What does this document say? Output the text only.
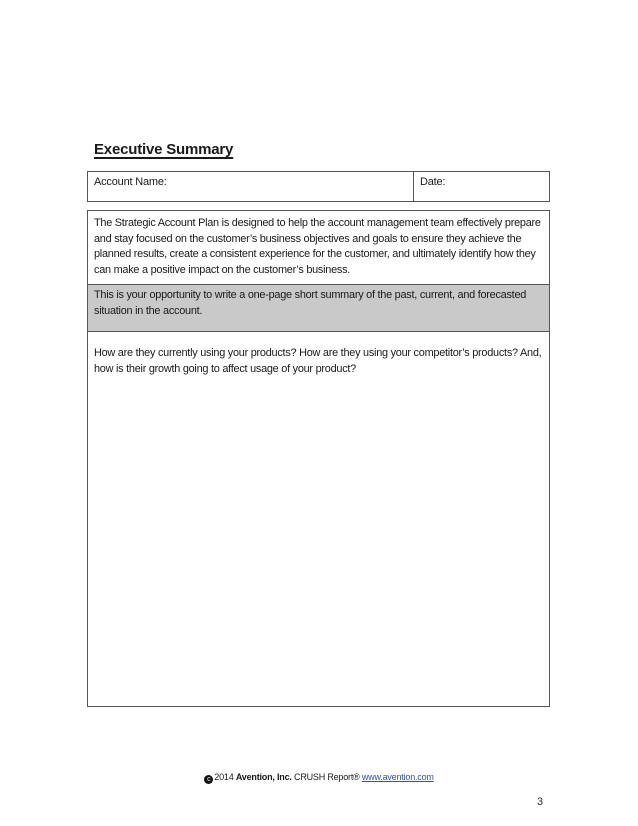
Executive Summary
Account Name:	Date:
The Strategic Account Plan is designed to help the account management team effectively prepare and stay focused on the customer’s business objectives and goals to ensure they achieve the planned results, create a consistent experience for the customer, and ultimately identify how they can make a positive impact on the customer’s business.
This is your opportunity to write a one-page short summary of the past, current, and forecasted situation in the account.
How are they currently using your products? How are they using your competitor’s products? And, how is their growth going to affect usage of your product?
c 2014 Avention, Inc. CRUSH Report® www.avention.com
3
